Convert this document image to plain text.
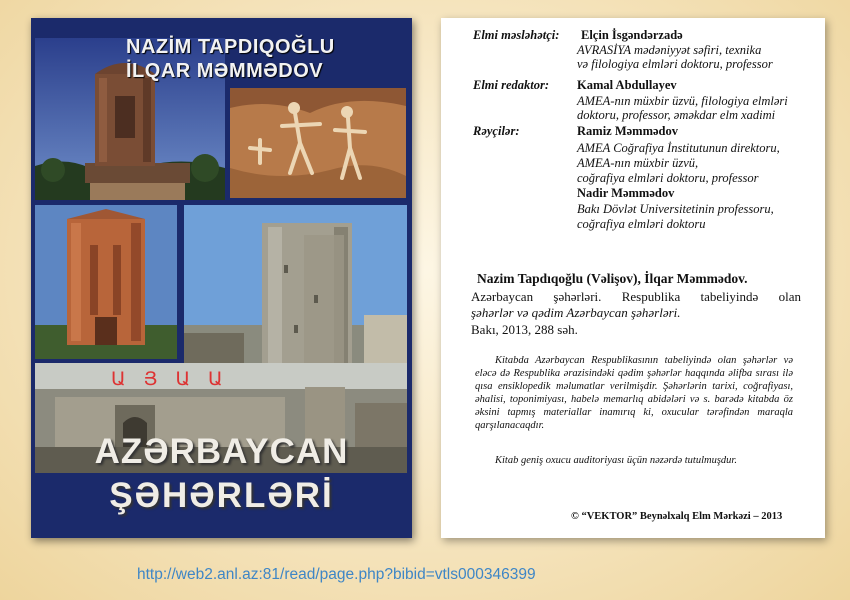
NAZİM TAPDIQOĞLU
İLQAR MƏMMƏDOV
Ա Յ Ա Ա
AZƏRBAYCAN
ŞƏHƏRLƏRİ
Elmi məsləhətçi: Elçin İsgəndərzadə
AVRASİYA mədəniyyət səfiri, texnika
və filologiya elmləri doktoru, professor
Elmi redaktor: Kamal Abdullayev
AMEA-nın müxbir üzvü, filologiya elmləri
doktoru, professor, əməkdar elm xadimi
Rəyçilər:	Ramiz Məmmədov
AMEA Coğrafiya İnstitutunun direktoru,
AMEA-nın müxbir üzvü,
coğrafiya elmləri doktoru, professor
Nadir Məmmədov
Bakı Dövlət Universitetinin professoru,
coğrafiya elmləri doktoru
Nazim Tapdıqoğlu (Vəlişov), İlqar Məmmədov.
Azərbaycan şəhərləri. Respublika tabeliyində olan
şəhərlər və qədim Azərbaycan şəhərləri.
Bakı, 2013, 288 səh.
Kitabda Azərbaycan Respublikasının tabeliyində olan şəhərlər və eləcə də Respublika ərazisindəki qədim şəhərlər haqqında əlifba sırası ilə qısa ensiklopedik məlumatlar verilmişdir. Şəhərlərin tarixi, coğrafiyası, əhalisi, toponimiyası, habelə memarlıq abidələri və s. barədə kitabda öz əksini tapmış materiallar inamırıq ki, oxucular tərəfindən maraqla qarşılanacaqdır.
Kitab geniş oxucu auditoriyası üçün nəzərdə tutulmuşdur.
© “VEKTOR” Beynəlxalq Elm Mərkəzi – 2013
http://web2.anl.az:81/read/page.php?bibid=vtls000346399
